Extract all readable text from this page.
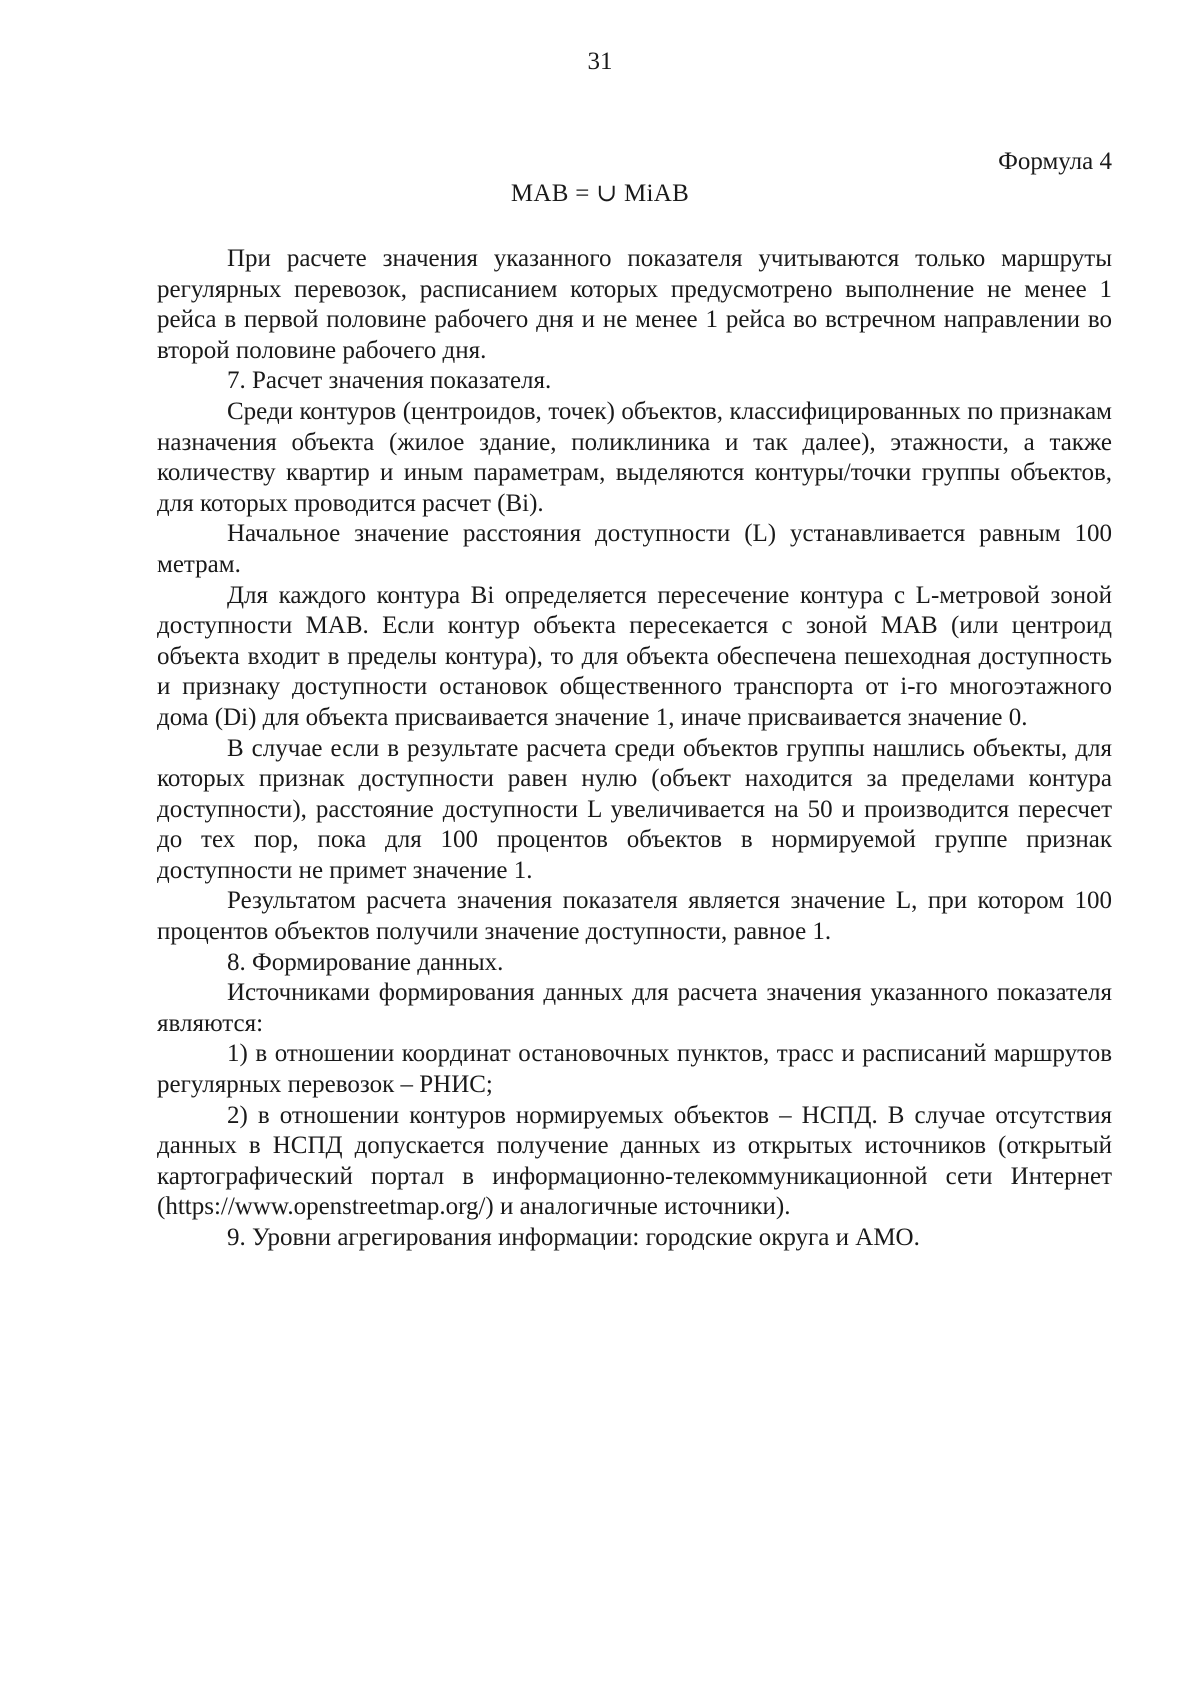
31
Формула 4
MAB = ∪ MiAB

При расчете значения указанного показателя учитываются только маршруты регулярных перевозок, расписанием которых предусмотрено выполнение не менее 1 рейса в первой половине рабочего дня и не менее 1 рейса во встречном направлении во второй половине рабочего дня.

7. Расчет значения показателя.

Среди контуров (центроидов, точек) объектов, классифицированных по признакам назначения объекта (жилое здание, поликлиника и так далее), этажности, а также количеству квартир и иным параметрам, выделяются контуры/точки группы объектов, для которых проводится расчет (Bi).

Начальное значение расстояния доступности (L) устанавливается равным 100 метрам.

Для каждого контура Bi определяется пересечение контура с L-метровой зоной доступности MAB. Если контур объекта пересекается с зоной MAB (или центроид объекта входит в пределы контура), то для объекта обеспечена пешеходная доступность и признаку доступности остановок общественного транспорта от i-го многоэтажного дома (Di) для объекта присваивается значение 1, иначе присваивается значение 0.

В случае если в результате расчета среди объектов группы нашлись объекты, для которых признак доступности равен нулю (объект находится за пределами контура доступности), расстояние доступности L увеличивается на 50 и производится пересчет до тех пор, пока для 100 процентов объектов в нормируемой группе признак доступности не примет значение 1.

Результатом расчета значения показателя является значение L, при котором 100 процентов объектов получили значение доступности, равное 1.

8. Формирование данных.

Источниками формирования данных для расчета значения указанного показателя являются:

1) в отношении координат остановочных пунктов, трасс и расписаний маршрутов регулярных перевозок – РНИС;

2) в отношении контуров нормируемых объектов – НСПД. В случае отсутствия данных в НСПД допускается получение данных из открытых источников (открытый картографический портал в информационно-телекоммуникационной сети Интернет (https://www.openstreetmap.org/) и аналогичные источники).

9. Уровни агрегирования информации: городские округа и АМО.
